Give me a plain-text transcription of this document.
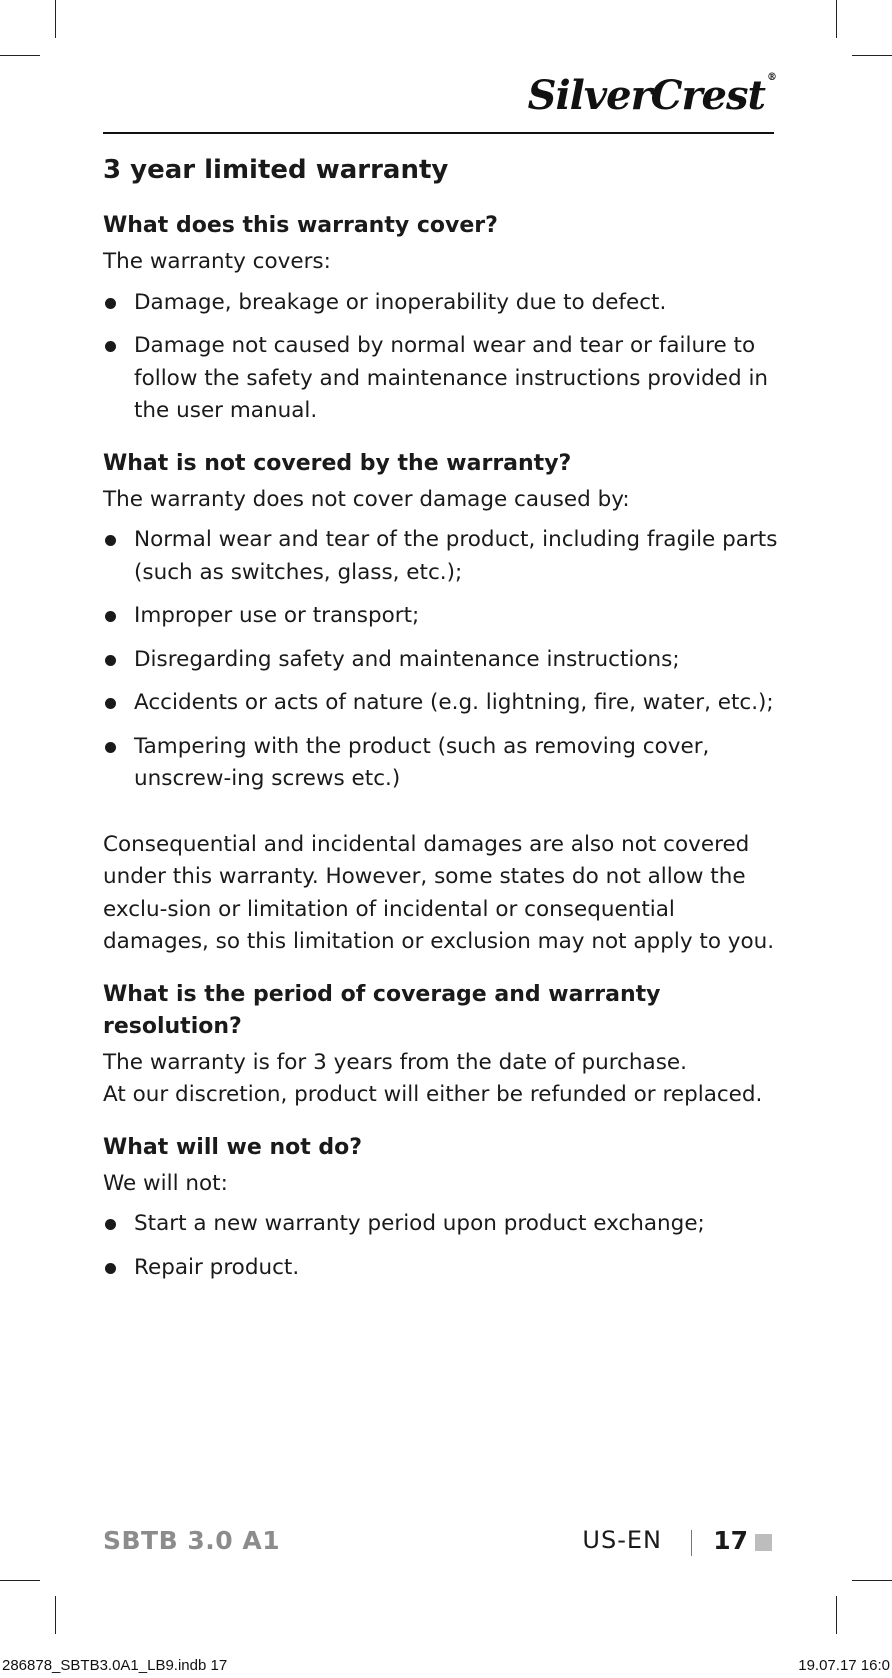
SilverCrest ®
3 year limited warranty
What does this warranty cover?

The warranty covers:

Damage, breakage or inoperability due to defect.
Damage not caused by normal wear and tear or failure to follow the safety and maintenance instructions provided in the user manual.
What is not covered by the warranty?

The warranty does not cover damage caused by:

Normal wear and tear of the product, including fragile parts (such as switches, glass, etc.);
Improper use or transport;
Disregarding safety and maintenance instructions;
Accidents or acts of nature (e.g. lightning, fire, water, etc.);
Tampering with the product (such as removing cover, unscrew-ing screws etc.)

Consequential and incidental damages are also not covered under this warranty. However, some states do not allow the exclu-sion or limitation of incidental or consequential damages, so this limitation or exclusion may not apply to you.

What is the period of coverage and warranty resolution?

The warranty is for 3 years from the date of purchase.

At our discretion, product will either be refunded or replaced.

What will we not do?

We will not:

Start a new warranty period upon product exchange;
Repair product.
SBTB 3.0 A1	US-EN 17
286878_SBTB3.0A1_LB9.indb 17	19.07.17 16:0
